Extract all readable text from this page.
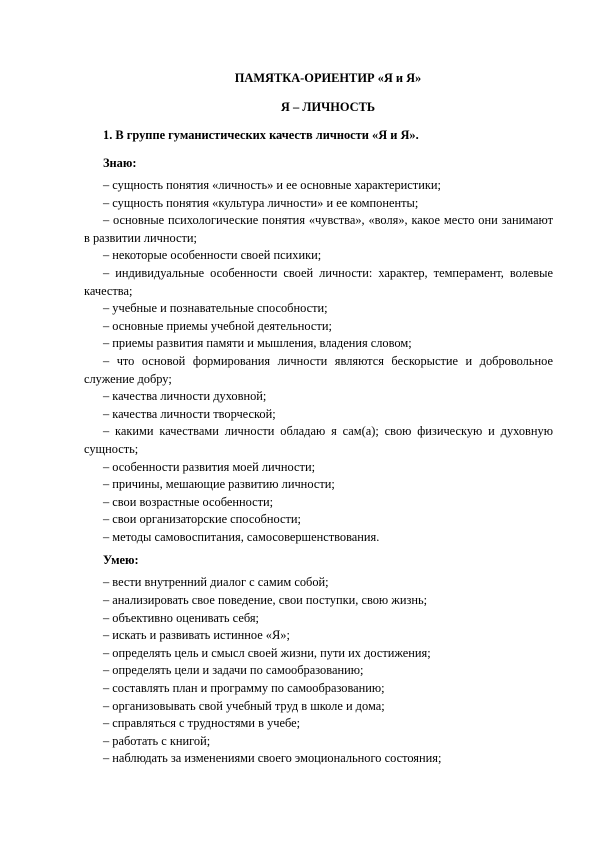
ПАМЯТКА-ОРИЕНТИР «Я и Я»
Я – ЛИЧНОСТЬ
1. В группе гуманистических качеств личности «Я и Я».
Знаю:
– сущность понятия «личность» и ее основные характеристики;
– сущность понятия «культура личности» и ее компоненты;
– основные психологические понятия «чувства», «воля», какое место они занимают в развитии личности;
– некоторые особенности своей психики;
– индивидуальные особенности своей личности: характер, темперамент, волевые качества;
– учебные и познавательные способности;
– основные приемы учебной деятельности;
– приемы развития памяти и мышления, владения словом;
– что основой формирования личности являются бескорыстие и добровольное служение добру;
– качества личности духовной;
– качества личности творческой;
– какими качествами личности обладаю я сам(а); свою физическую и духовную сущность;
– особенности развития моей личности;
– причины, мешающие развитию личности;
– свои возрастные особенности;
– свои организаторские способности;
– методы самовоспитания, самосовершенствования.
Умею:
– вести внутренний диалог с самим собой;
– анализировать свое поведение, свои поступки, свою жизнь;
– объективно оценивать себя;
– искать и развивать истинное «Я»;
– определять цель и смысл своей жизни, пути их достижения;
– определять цели и задачи по самообразованию;
– составлять план и программу по самообразованию;
– организовывать свой учебный труд в школе и дома;
– справляться с трудностями в учебе;
– работать с книгой;
– наблюдать за изменениями своего эмоционального состояния;
